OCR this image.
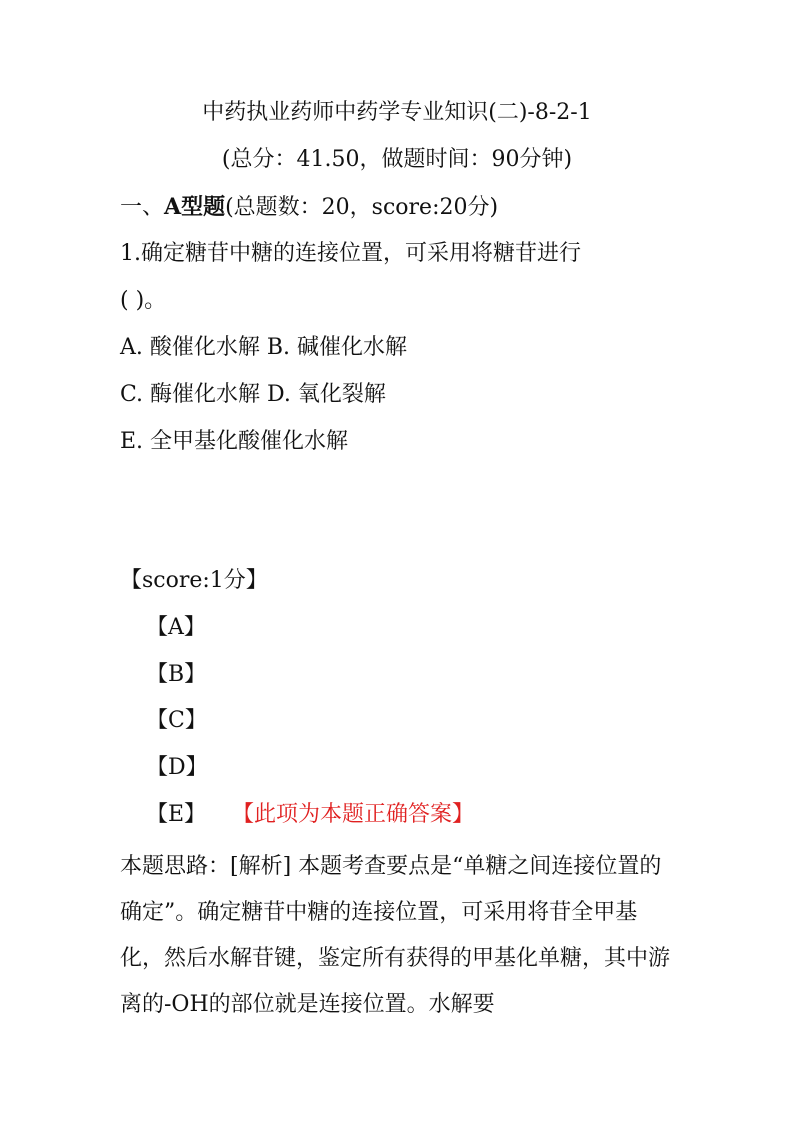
中药执业药师中药学专业知识(二)-8-2-1
(总分：41.50，做题时间：90分钟)
一、A型题(总题数：20，score:20分)
1.确定糖苷中糖的连接位置，可采用将糖苷进行
( )。
A. 酸催化水解 B. 碱催化水解
C. 酶催化水解 D. 氧化裂解
E. 全甲基化酸催化水解
【score:1分】
【A】
【B】
【C】
【D】
【E】 【此项为本题正确答案】
本题思路：[解析] 本题考查要点是“单糖之间连接位置的确定”。确定糖苷中糖的连接位置，可采用将苷全甲基化，然后水解苷键，鉴定所有获得的甲基化单糖，其中游离的-OH的部位就是连接位置。水解要
